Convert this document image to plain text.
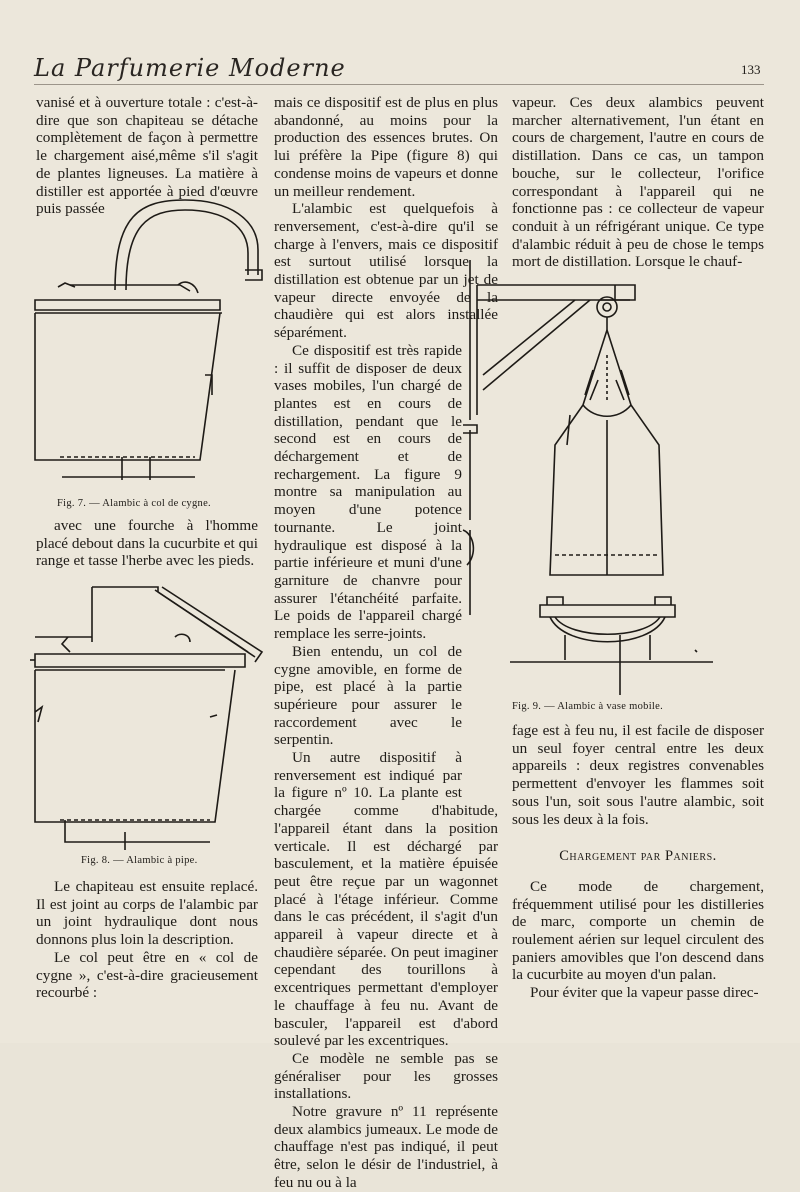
La Parfumerie Moderne	133

vanisé et à ouverture totale : c'est-à-dire que son chapiteau se détache complètement de façon à permettre le chargement aisé,même s'il s'agit de plantes ligneuses. La matière à distiller est apportée à pied d'œuvre puis passée

Fig. 7. — Alambic à col de cygne.

avec une fourche à l'homme placé debout dans la cucurbite et qui range et tasse l'herbe avec les pieds.

Fig. 8. — Alambic à pipe.

Le chapiteau est ensuite replacé. Il est joint au corps de l'alambic par un joint hydraulique dont nous donnons plus loin la description.

Le col peut être en « col de cygne », c'est-à-dire gracieusement recourbé :

mais ce dispositif est de plus en plus abandonné, au moins pour la production des essences brutes. On lui préfère la Pipe (figure 8) qui condense moins de vapeurs et donne un meilleur rendement.

L'alambic est quelquefois à renversement, c'est-à-dire qu'il se charge à l'envers, mais ce dispositif est surtout utilisé lorsque la distillation est obtenue par un jet de vapeur directe envoyée de la chaudière qui est alors installée séparément.

Ce dispositif est très rapide : il suffit de disposer de deux vases mobiles, l'un chargé de plantes est en cours de distillation, pendant que le second est en cours de déchargement et de rechargement. La figure 9 montre sa manipulation au moyen d'une potence tournante. Le joint hydraulique est disposé à la partie inférieure et muni d'une garniture de chanvre pour assurer l'étanchéité parfaite. Le poids de l'appareil chargé remplace les serre-joints.

Bien entendu, un col de cygne amovible, en forme de pipe, est placé à la partie supérieure pour assurer le raccordement avec le serpentin.

Un autre dispositif à renversement est indiqué par la figure nº 10. La plante est chargée comme d'habitude, l'appareil étant dans la position verticale. Il est déchargé par basculement, et la matière épuisée peut être reçue par un wagonnet placé à l'étage inférieur. Comme dans le cas précédent, il s'agit d'un appareil à vapeur directe et à chaudière séparée. On peut imaginer cependant des tourillons à excentriques permettant d'employer le chauffage à feu nu. Avant de basculer, l'appareil est d'abord soulevé par les excentriques.

Ce modèle ne semble pas se généraliser pour les grosses installations.

Notre gravure nº 11 représente deux alambics jumeaux. Le mode de chauffage n'est pas indiqué, il peut être, selon le désir de l'industriel, à feu nu ou à la

vapeur. Ces deux alambics peuvent marcher alternativement, l'un étant en cours de chargement, l'autre en cours de distillation. Dans ce cas, un tampon bouche, sur le collecteur, l'orifice correspondant à l'appareil qui ne fonctionne pas : ce collecteur de vapeur conduit à un réfrigérant unique. Ce type d'alambic réduit à peu de chose le temps mort de distillation. Lorsque le chauf-

Fig. 9. — Alambic à vase mobile.

fage est à feu nu, il est facile de disposer un seul foyer central entre les deux appareils : deux registres convenables permettent d'envoyer les flammes soit sous l'un, soit sous l'autre alambic, soit sous les deux à la fois.

Chargement par Paniers.

Ce mode de chargement, fréquemment utilisé pour les distilleries de marc, comporte un chemin de roulement aérien sur lequel circulent des paniers amovibles que l'on descend dans la cucurbite au moyen d'un palan.

Pour éviter que la vapeur passe direc-
